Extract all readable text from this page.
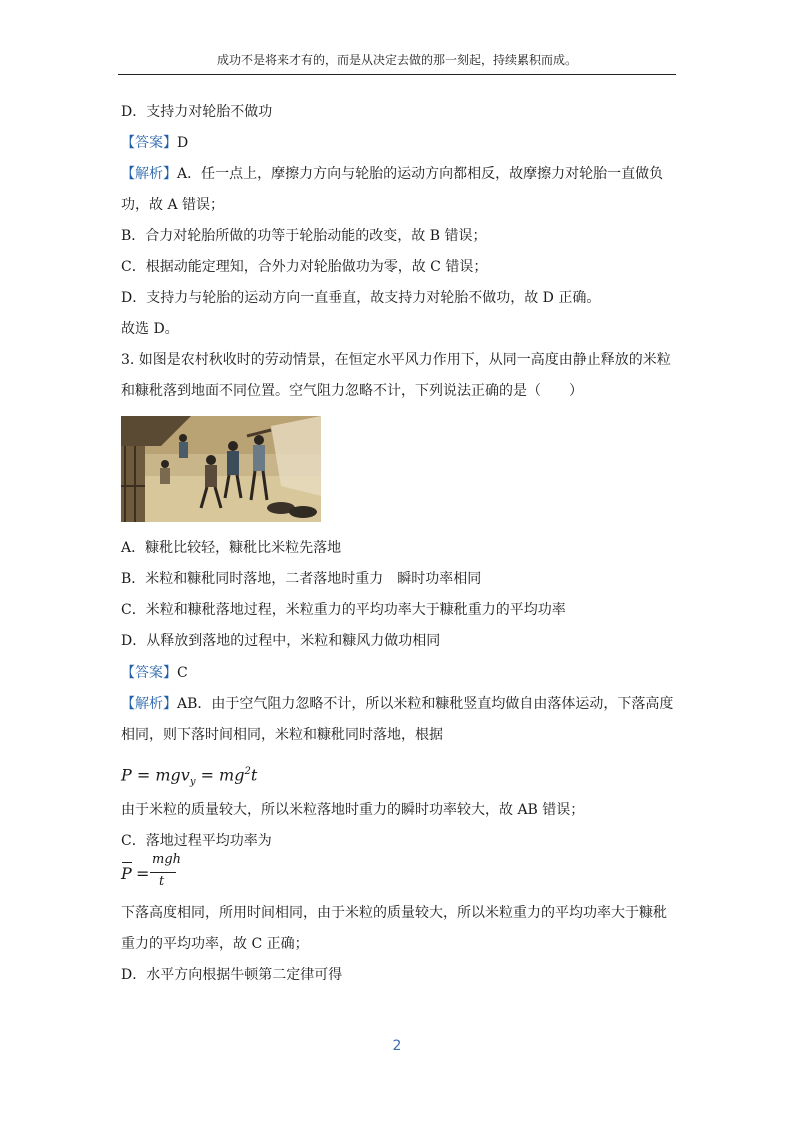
成功不是将来才有的，而是从决定去做的那一刻起，持续累积而成。
D．支持力对轮胎不做功
【答案】D
【解析】A．任一点上，摩擦力方向与轮胎的运动方向都相反，故摩擦力对轮胎一直做负
功，故 A 错误；
B．合力对轮胎所做的功等于轮胎动能的改变，故 B 错误；
C．根据动能定理知，合外力对轮胎做功为零，故 C 错误；
D．支持力与轮胎的运动方向一直垂直，故支持力对轮胎不做功，故 D 正确。
故选 D。
3. 如图是农村秋收时的劳动情景，在恒定水平风力作用下，从同一高度由静止释放的米粒
和糠秕落到地面不同位置。空气阻力忽略不计，下列说法正确的是（　　）
A．糠秕比较轻，糠秕比米粒先落地
B．米粒和糠秕同时落地，二者落地时重力　瞬时功率相同
C．米粒和糠秕落地过程，米粒重力的平均功率大于糠秕重力的平均功率
D．从释放到落地的过程中，米粒和糠风力做功相同
【答案】C
【解析】AB．由于空气阻力忽略不计，所以米粒和糠秕竖直均做自由落体运动，下落高度
相同，则下落时间相同，米粒和糠秕同时落地，根据
$P = mgv_y = mg^2t$
由于米粒的质量较大，所以米粒落地时重力的瞬时功率较大，故 AB 错误；
C．落地过程平均功率为
P =
mgh
t
下落高度相同，所用时间相同，由于米粒的质量较大，所以米粒重力的平均功率大于糠秕
重力的平均功率，故 C 正确；
D．水平方向根据牛顿第二定律可得
2
